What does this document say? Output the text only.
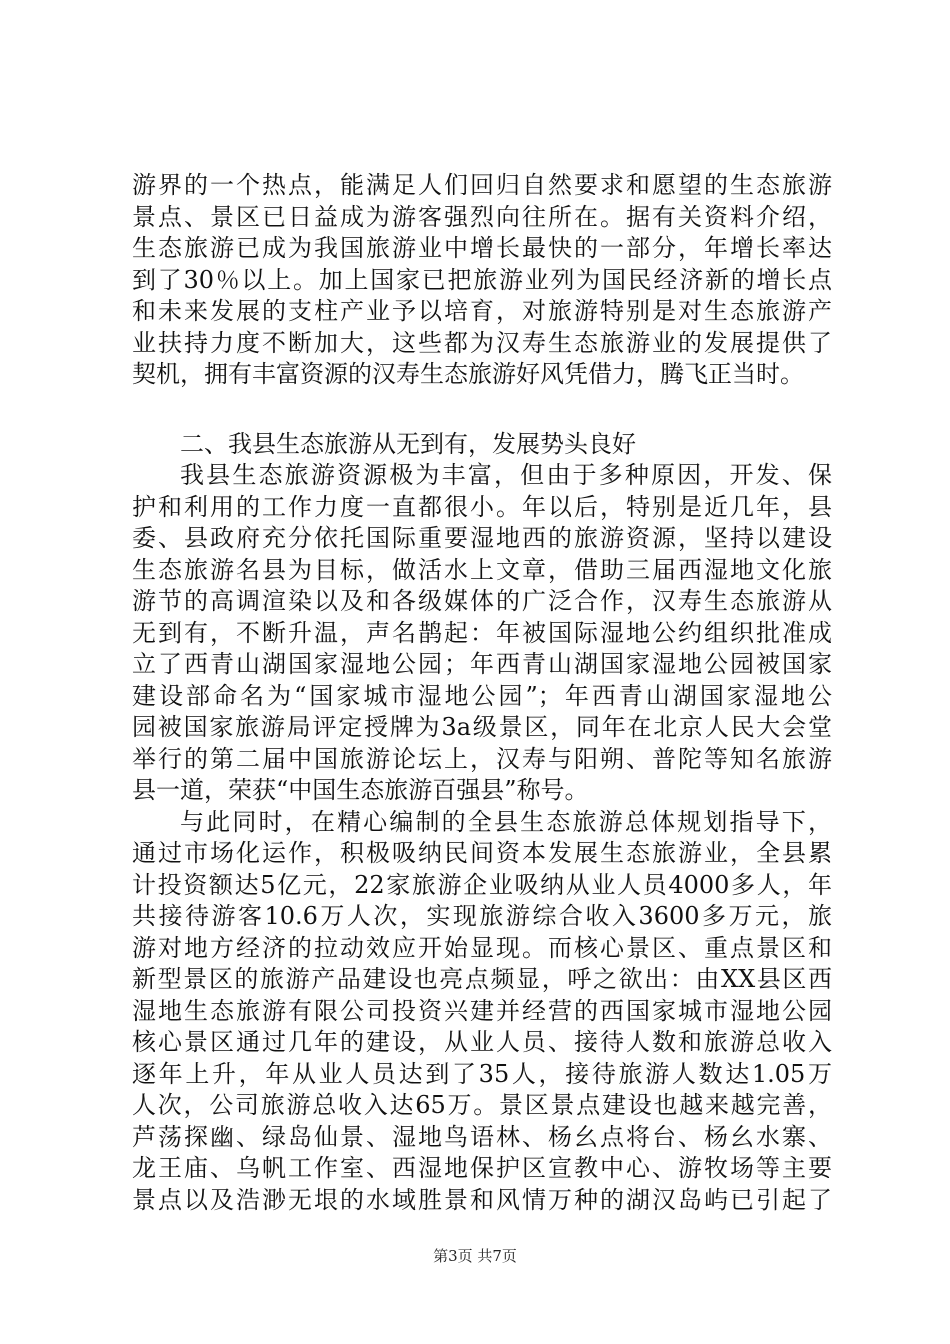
游界的一个热点，能满足人们回归自然要求和愿望的生态旅游
景点、景区已日益成为游客强烈向往所在。据有关资料介绍，
生态旅游已成为我国旅游业中增长最快的一部分，年增长率达
到了30％以上。加上国家已把旅游业列为国民经济新的增长点
和未来发展的支柱产业予以培育，对旅游特别是对生态旅游产
业扶持力度不断加大，这些都为汉寿生态旅游业的发展提供了
契机，拥有丰富资源的汉寿生态旅游好风凭借力，腾飞正当时。
二、我县生态旅游从无到有，发展势头良好
我县生态旅游资源极为丰富，但由于多种原因，开发、保
护和利用的工作力度一直都很小。年以后，特别是近几年，县
委、县政府充分依托国际重要湿地西的旅游资源，坚持以建设
生态旅游名县为目标，做活水上文章，借助三届西湿地文化旅
游节的高调渲染以及和各级媒体的广泛合作，汉寿生态旅游从
无到有，不断升温，声名鹊起：年被国际湿地公约组织批准成
立了西青山湖国家湿地公园；年西青山湖国家湿地公园被国家
建设部命名为“国家城市湿地公园”；年西青山湖国家湿地公
园被国家旅游局评定授牌为3a级景区，同年在北京人民大会堂
举行的第二届中国旅游论坛上，汉寿与阳朔、普陀等知名旅游
县一道，荣获“中国生态旅游百强县”称号。
与此同时，在精心编制的全县生态旅游总体规划指导下，
通过市场化运作，积极吸纳民间资本发展生态旅游业，全县累
计投资额达5亿元，22家旅游企业吸纳从业人员4000多人，年
共接待游客10.6万人次，实现旅游综合收入3600多万元，旅
游对地方经济的拉动效应开始显现。而核心景区、重点景区和
新型景区的旅游产品建设也亮点频显，呼之欲出：由XX县区西
湿地生态旅游有限公司投资兴建并经营的西国家城市湿地公园
核心景区通过几年的建设，从业人员、接待人数和旅游总收入
逐年上升，年从业人员达到了35人，接待旅游人数达1.05万
人次，公司旅游总收入达65万。景区景点建设也越来越完善，
芦荡探幽、绿岛仙景、湿地鸟语林、杨幺点将台、杨幺水寨、
龙王庙、乌帆工作室、西湿地保护区宣教中心、游牧场等主要
景点以及浩渺无垠的水域胜景和风情万种的湖汉岛屿已引起了
第3页 共7页
